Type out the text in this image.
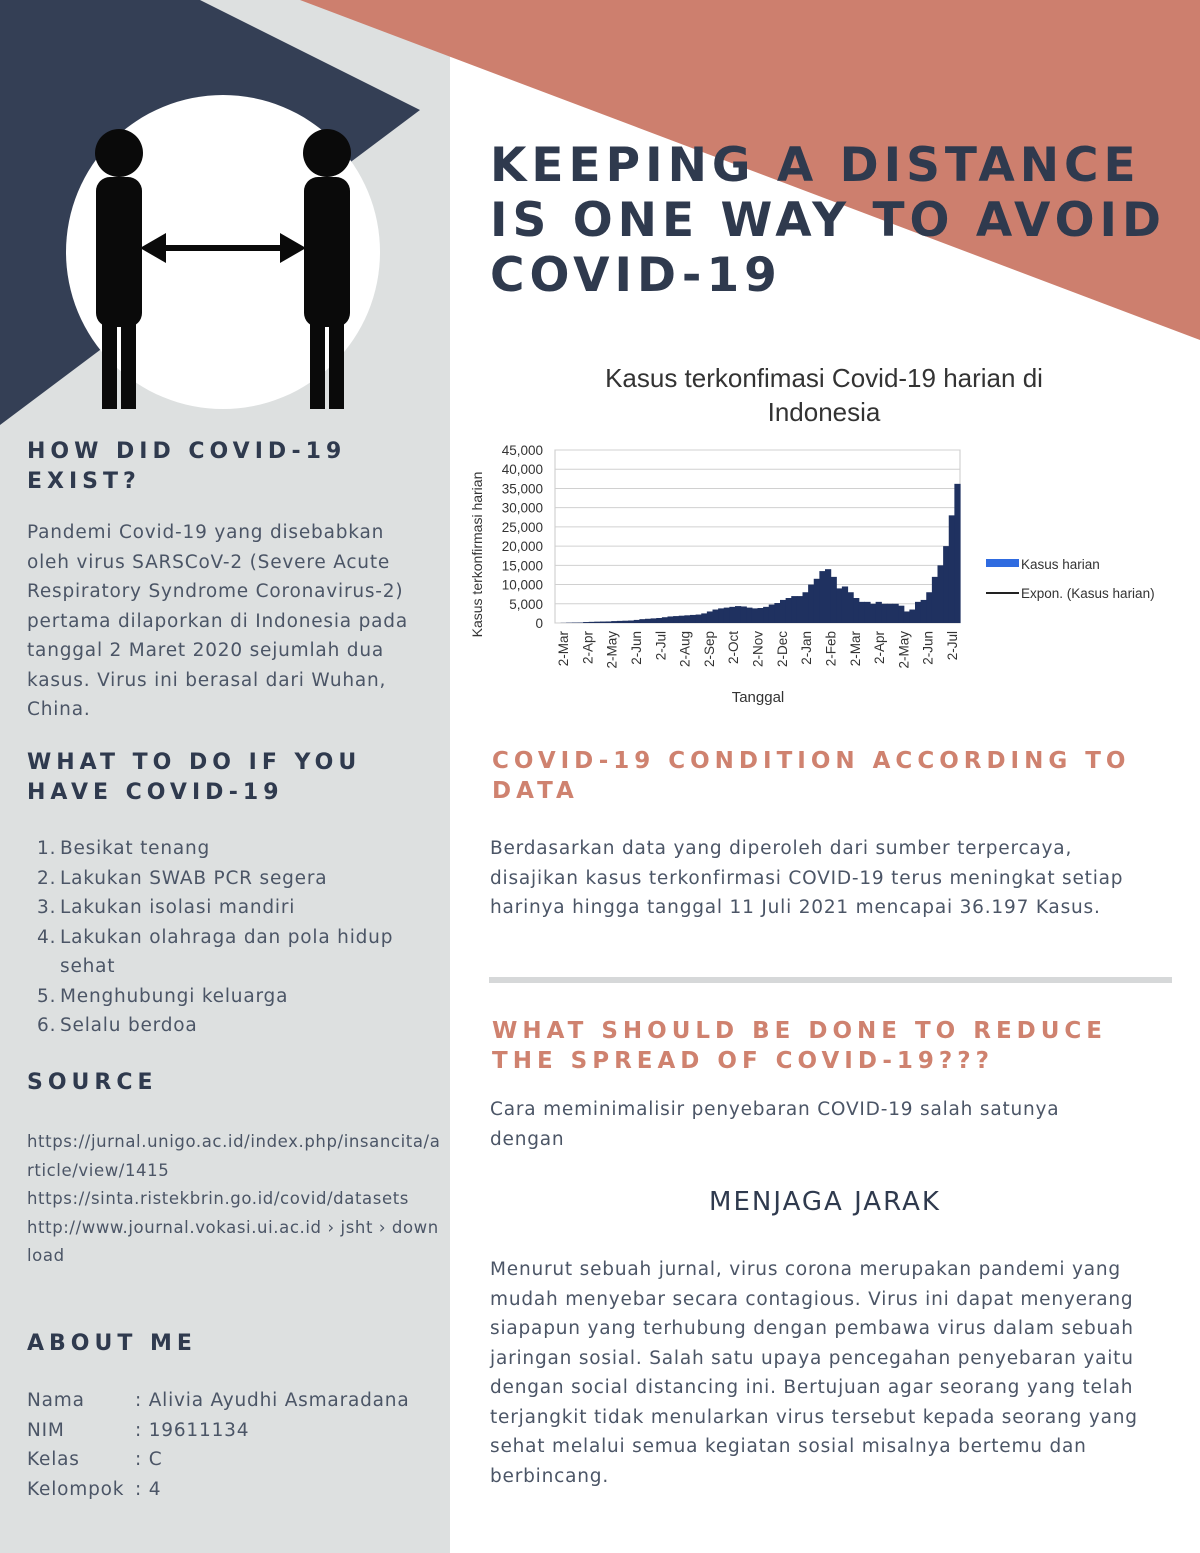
KEEPING A DISTANCE IS ONE WAY TO AVOID COVID-19
HOW DID COVID-19 EXIST?
Pandemi Covid-19 yang disebabkan oleh virus SARSCoV-2 (Severe Acute Respiratory Syndrome Coronavirus-2) pertama dilaporkan di Indonesia pada tanggal 2 Maret 2020 sejumlah dua kasus. Virus ini berasal dari Wuhan, China.
WHAT TO DO IF YOU HAVE COVID-19
1. Besikat tenang
2. Lakukan SWAB PCR segera
3. Lakukan isolasi mandiri
4. Lakukan olahraga dan pola hidup sehat
5. Menghubungi keluarga
6. Selalu berdoa
SOURCE
https://jurnal.unigo.ac.id/index.php/insancita/article/view/1415
https://sinta.ristekbrin.go.id/covid/datasets
http://www.journal.vokasi.ui.ac.id › jsht › download
ABOUT ME
Nama	: Alivia Ayudhi Asmaradana
NIM	: 19611134
Kelas	: C
Kelompok : 4
Kasus terkonfimasi Covid-19 harian di
Indonesia
45,000
40,000
35,000
30,000
25,000
20,000
15,000
10,000
5,000
0
2-Mar 2-Apr 2-May 2-Jun 2-Jul 2-Aug 2-Sep 2-Oct 2-Nov 2-Dec 2-Jan 2-Feb 2-Mar 2-Apr 2-May 2-Jun 2-Jul
Tanggal
Kasus terkonfirmasi harian	Kasus harian
Expon. (Kasus harian)
COVID-19 CONDITION ACCORDING TO DATA
Berdasarkan data yang diperoleh dari sumber terpercaya, disajikan kasus terkonfirmasi COVID-19 terus meningkat setiap harinya hingga tanggal 11 Juli 2021 mencapai 36.197 Kasus.
WHAT SHOULD BE DONE TO REDUCE THE SPREAD OF COVID-19???
Cara meminimalisir penyebaran COVID-19 salah satunya dengan
MENJAGA JARAK
Menurut sebuah jurnal, virus corona merupakan pandemi yang mudah menyebar secara contagious. Virus ini dapat menyerang siapapun yang terhubung dengan pembawa virus dalam sebuah jaringan sosial. Salah satu upaya pencegahan penyebaran yaitu dengan social distancing ini. Bertujuan agar seorang yang telah terjangkit tidak menularkan virus tersebut kepada seorang yang sehat melalui semua kegiatan sosial misalnya bertemu dan berbincang.
